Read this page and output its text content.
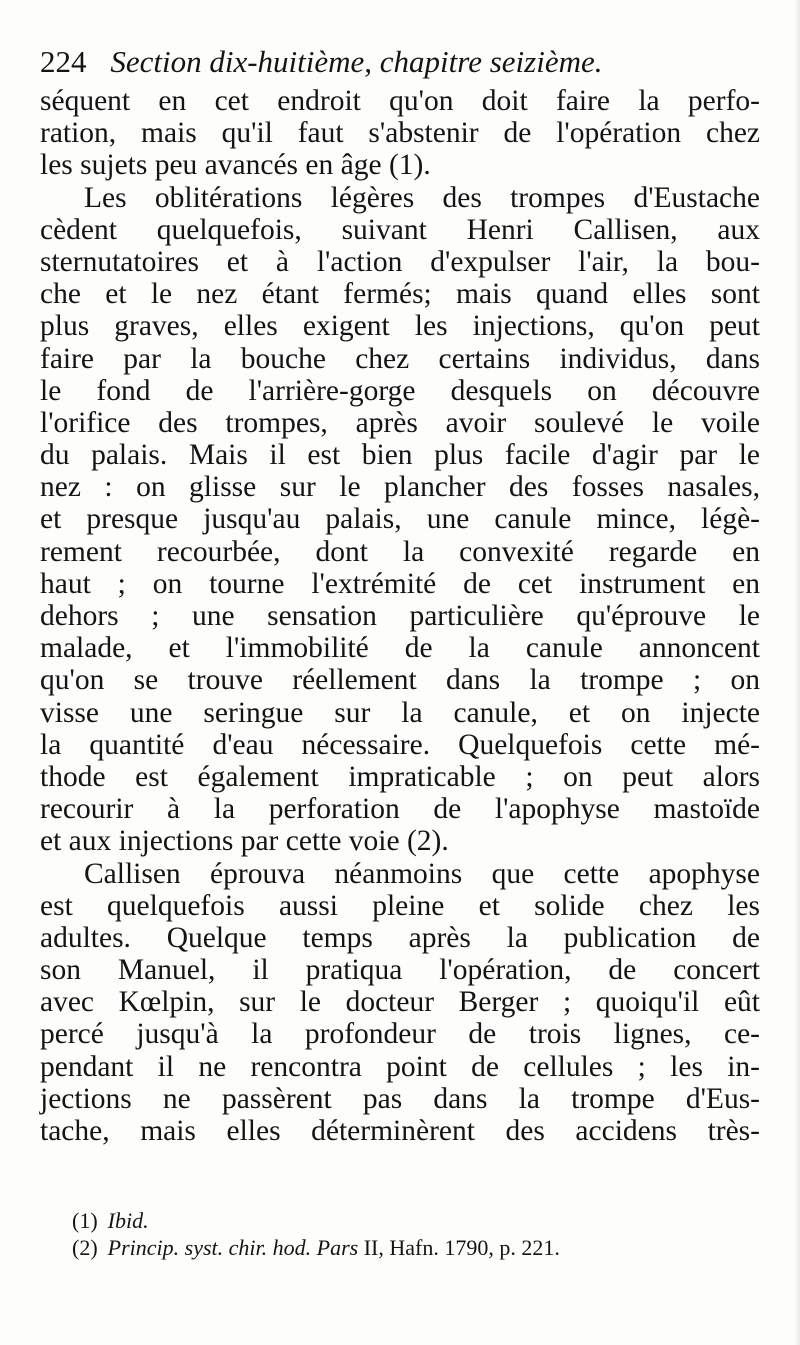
224 Section dix-huitième, chapitre seizième.
séquent en cet endroit qu'on doit faire la perfo-
ration, mais qu'il faut s'abstenir de l'opération chez
les sujets peu avancés en âge (1).
Les oblitérations légères des trompes d'Eustache
cèdent quelquefois, suivant Henri Callisen, aux
sternutatoires et à l'action d'expulser l'air, la bou-
che et le nez étant fermés; mais quand elles sont
plus graves, elles exigent les injections, qu'on peut
faire par la bouche chez certains individus, dans
le fond de l'arrière-gorge desquels on découvre
l'orifice des trompes, après avoir soulevé le voile
du palais. Mais il est bien plus facile d'agir par le
nez : on glisse sur le plancher des fosses nasales,
et presque jusqu'au palais, une canule mince, légè-
rement recourbée, dont la convexité regarde en
haut ; on tourne l'extrémité de cet instrument en
dehors ; une sensation particulière qu'éprouve le
malade, et l'immobilité de la canule annoncent
qu'on se trouve réellement dans la trompe ; on
visse une seringue sur la canule, et on injecte
la quantité d'eau nécessaire. Quelquefois cette mé-
thode est également impraticable ; on peut alors
recourir à la perforation de l'apophyse mastoïde
et aux injections par cette voie (2).
Callisen éprouva néanmoins que cette apophyse
est quelquefois aussi pleine et solide chez les
adultes. Quelque temps après la publication de
son Manuel, il pratiqua l'opération, de concert
avec Kœlpin, sur le docteur Berger ; quoiqu'il eût
percé jusqu'à la profondeur de trois lignes, ce-
pendant il ne rencontra point de cellules ; les in-
jections ne passèrent pas dans la trompe d'Eus-
tache, mais elles déterminèrent des accidens très-
(1) Ibid.
(2) Princip. syst. chir. hod. Pars II, Hafn. 1790, p. 221.
